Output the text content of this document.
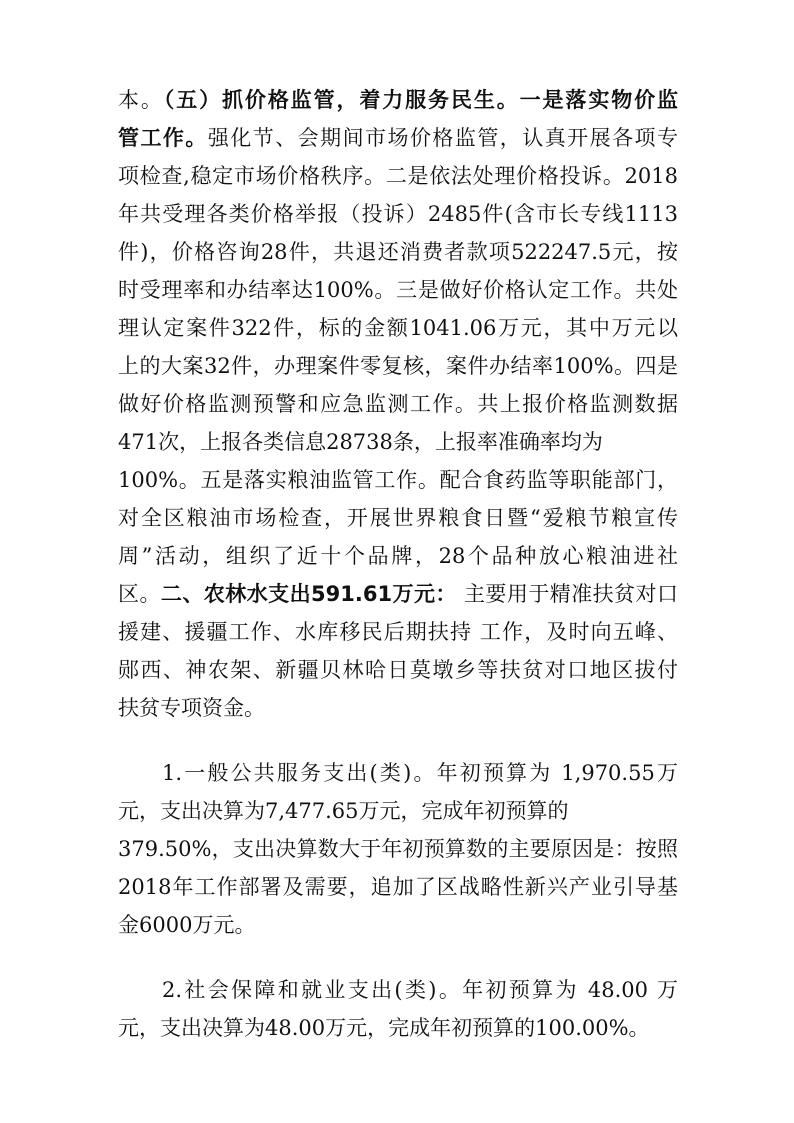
本。（五）抓价格监管，着力服务民生。一是落实物价监
管工作。强化节、会期间市场价格监管，认真开展各项专
项检查,稳定市场价格秩序。二是依法处理价格投诉。2018
年共受理各类价格举报（投诉）2485件(含市长专线1113
件)，价格咨询28件，共退还消费者款项522247.5元，按
时受理率和办结率达100%。三是做好价格认定工作。共处
理认定案件322件，标的金额1041.06万元，其中万元以
上的大案32件，办理案件零复核，案件办结率100%。四是
做好价格监测预警和应急监测工作。共上报价格监测数据
471次，上报各类信息28738条，上报率准确率均为
100%。五是落实粮油监管工作。配合食药监等职能部门，
对全区粮油市场检查，开展世界粮食日暨“爱粮节粮宣传
周”活动，组织了近十个品牌，28个品种放心粮油进社
区。二、农林水支出591.61万元： 主要用于精准扶贫对口
援建、援疆工作、水库移民后期扶持 工作，及时向五峰、
郧西、神农架、新疆贝林哈日莫墩乡等扶贫对口地区拔付
扶贫专项资金。
1.一般公共服务支出(类)。年初预算为 1,970.55万
元，支出决算为7,477.65万元，完成年初预算的
379.50%，支出决算数大于年初预算数的主要原因是：按照
2018年工作部署及需要，追加了区战略性新兴产业引导基
金6000万元。
2.社会保障和就业支出(类)。年初预算为 48.00 万
元，支出决算为48.00万元，完成年初预算的100.00%。
